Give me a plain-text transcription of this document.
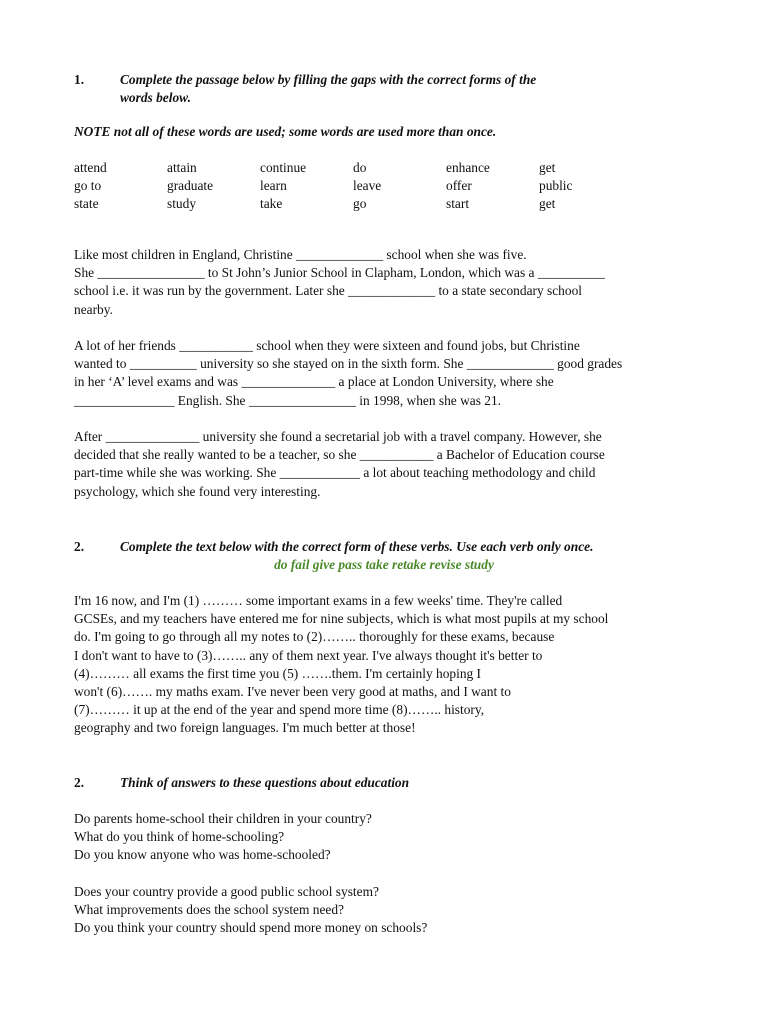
1.	Complete the passage below by filling the gaps with the correct forms of the
words below.
NOTE not all of these words are used; some words are used more than once.
attend	attain	continue	do	enhance	get
go to	graduate	learn	leave	offer	public
state	study	take	go	start	get
Like most children in England, Christine _____________ school when she was five.
She ________________ to St John’s Junior School in Clapham, London, which was a __________
school i.e. it was run by the government. Later she _____________ to a state secondary school
nearby.
A lot of her friends ___________ school when they were sixteen and found jobs, but Christine
wanted to __________ university so she stayed on in the sixth form. She _____________ good grades
in her ‘A’ level exams and was ______________ a place at London University, where she
_______________ English. She ________________ in 1998, when she was 21.
After ______________ university she found a secretarial job with a travel company. However, she
decided that she really wanted to be a teacher, so she ___________ a Bachelor of Education course
part-time while she was working. She ____________ a lot about teaching methodology and child
psychology, which she found very interesting.
2.	Complete the text below with the correct form of these verbs. Use each verb only once.
do fail give pass take retake revise study
I'm 16 now, and I'm (1) ……… some important exams in a few weeks' time. They're called
GCSEs, and my teachers have entered me for nine subjects, which is what most pupils at my school
do. I'm going to go through all my notes to (2)…….. thoroughly for these exams, because
I don't want to have to (3)…….. any of them next year. I've always thought it's better to
(4)……… all exams the first time you (5) …….them. I'm certainly hoping I
won't (6)……. my maths exam. I've never been very good at maths, and I want to
(7)……… it up at the end of the year and spend more time (8)…….. history,
geography and two foreign languages. I'm much better at those!
2.	Think of answers to these questions about education
Do parents home-school their children in your country?
What do you think of home-schooling?
Do you know anyone who was home-schooled?
Does your country provide a good public school system?
What improvements does the school system need?
Do you think your country should spend more money on schools?
